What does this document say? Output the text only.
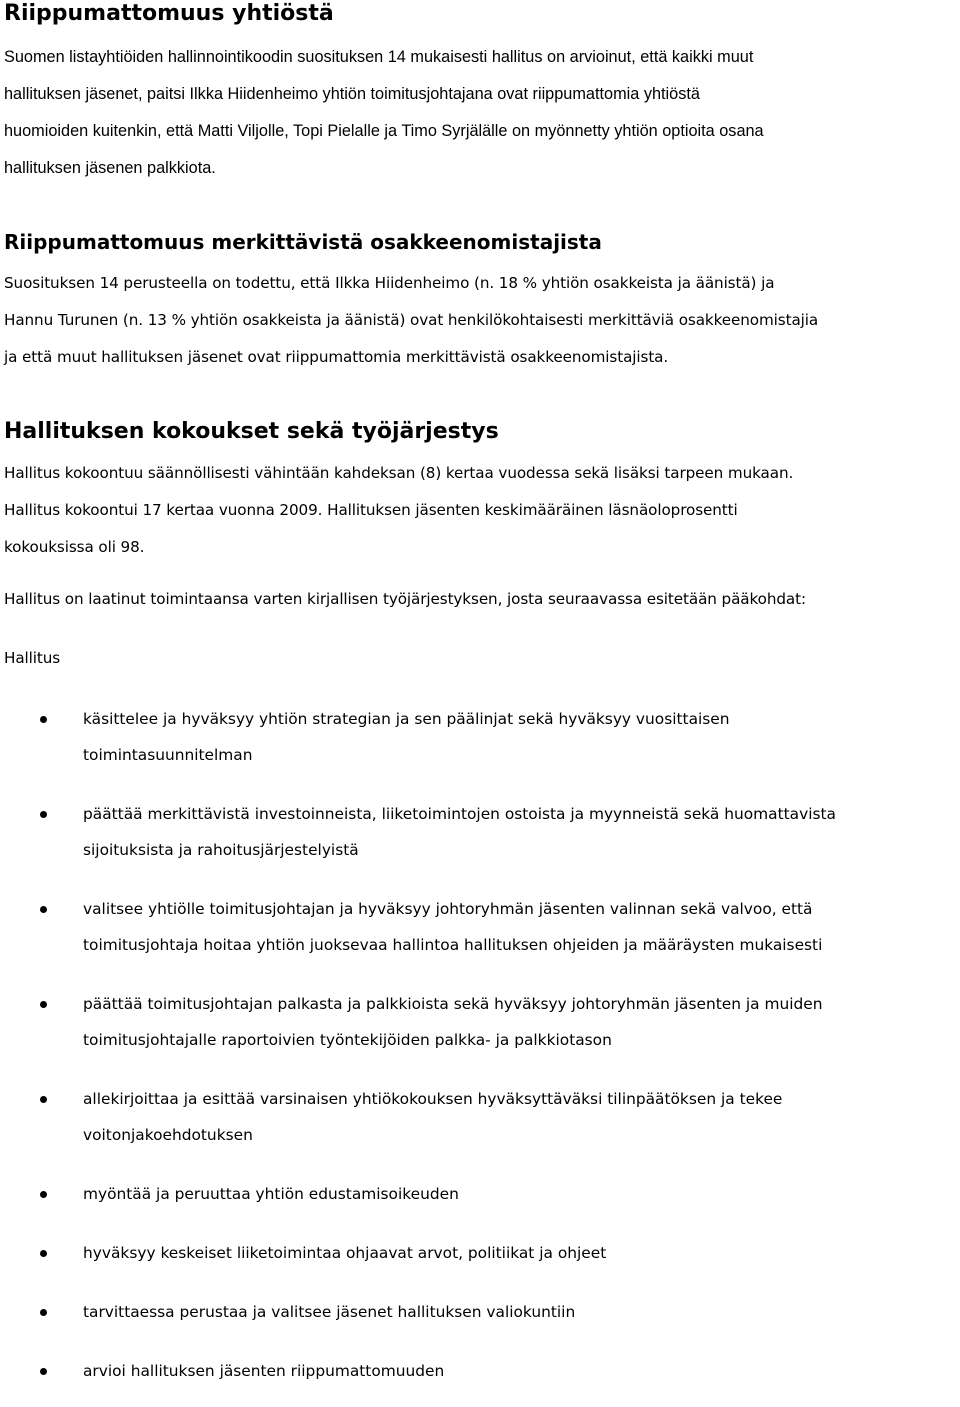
Riippumattomuus yhtiöstä

Suomen listayhtiöiden hallinnointikoodin suosituksen 14 mukaisesti hallitus on arvioinut, että kaikki muut

hallituksen jäsenet, paitsi Ilkka Hiidenheimo yhtiön toimitusjohtajana ovat riippumattomia yhtiöstä

huomioiden kuitenkin, että Matti Viljolle, Topi Pielalle ja Timo Syrjälälle on myönnetty yhtiön optioita osana

hallituksen jäsenen palkkiota.

Riippumattomuus merkittävistä osakkeenomistajista

Suosituksen 14 perusteella on todettu, että Ilkka Hiidenheimo (n. 18 % yhtiön osakkeista ja äänistä) ja

Hannu Turunen (n. 13 % yhtiön osakkeista ja äänistä) ovat henkilökohtaisesti merkittäviä osakkeenomistajia

ja että muut hallituksen jäsenet ovat riippumattomia merkittävistä osakkeenomistajista.

Hallituksen kokoukset sekä työjärjestys

Hallitus kokoontuu säännöllisesti vähintään kahdeksan (8) kertaa vuodessa sekä lisäksi tarpeen mukaan.

Hallitus kokoontui 17 kertaa vuonna 2009. Hallituksen jäsenten keskimääräinen läsnäoloprosentti

kokouksissa oli 98.

Hallitus on laatinut toimintaansa varten kirjallisen työjärjestyksen, josta seuraavassa esitetään pääkohdat:

Hallitus

käsittelee ja hyväksyy yhtiön strategian ja sen päälinjat sekä hyväksyy vuosittaisen
toimintasuunnitelman
päättää merkittävistä investoinneista, liiketoimintojen ostoista ja myynneistä sekä huomattavista
sijoituksista ja rahoitusjärjestelyistä
valitsee yhtiölle toimitusjohtajan ja hyväksyy johtoryhmän jäsenten valinnan sekä valvoo, että
toimitusjohtaja hoitaa yhtiön juoksevaa hallintoa hallituksen ohjeiden ja määräysten mukaisesti
päättää toimitusjohtajan palkasta ja palkkioista sekä hyväksyy johtoryhmän jäsenten ja muiden
toimitusjohtajalle raportoivien työntekijöiden palkka- ja palkkiotason
allekirjoittaa ja esittää varsinaisen yhtiökokouksen hyväksyttäväksi tilinpäätöksen ja tekee
voitonjakoehdotuksen
myöntää ja peruuttaa yhtiön edustamisoikeuden
hyväksyy keskeiset liiketoimintaa ohjaavat arvot, politiikat ja ohjeet
tarvittaessa perustaa ja valitsee jäsenet hallituksen valiokuntiin
arvioi hallituksen jäsenten riippumattomuuden
